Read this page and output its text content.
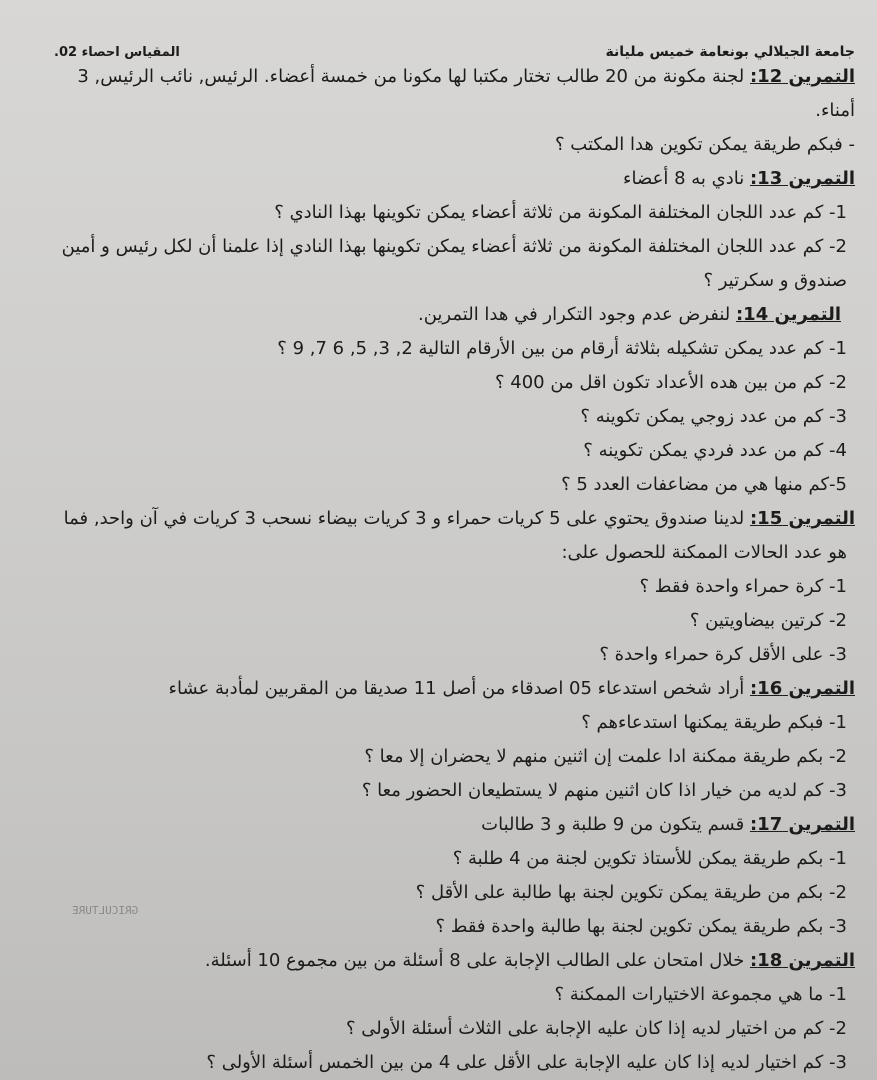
جامعة الجيلالي بونعامة خميس مليانة
المقياس احصاء 02.

التمرين 12: لجنة مكونة من 20 طالب تختار مكتبا لها مكونا من خمسة أعضاء. الرئيس, نائب الرئيس, 3

أمناء.

- فبكم طريقة يمكن تكوين هدا المكتب ؟

التمرين 13: نادي به 8 أعضاء

1- كم عدد اللجان المختلفة المكونة من ثلاثة أعضاء يمكن تكوينها بهذا النادي ؟

2- كم عدد اللجان المختلفة المكونة من ثلاثة أعضاء يمكن تكوينها بهذا النادي إذا علمنا أن لكل رئيس و أمين

صندوق و سكرتير ؟

التمرين 14: لنفرض عدم وجود التكرار في هدا التمرين.

1- كم عدد يمكن تشكيله بثلاثة أرقام من بين الأرقام التالية 2, 3, 5, 6 7, 9 ؟

2- كم من بين هده الأعداد تكون اقل من 400 ؟

3- كم من عدد زوجي يمكن تكوينه ؟

4- كم من عدد فردي يمكن تكوينه ؟

5-كم منها هي من مضاعفات العدد 5 ؟

التمرين 15: لدينا صندوق يحتوي على 5 كريات حمراء و 3 كريات بيضاء نسحب 3 كريات في آن واحد, فما

هو عدد الحالات الممكنة للحصول على:

1- كرة حمراء واحدة فقط ؟

2- كرتين بيضاويتين ؟

3- على الأقل كرة حمراء واحدة ؟

التمرين 16: أراد شخص استدعاء 05 اصدقاء من أصل 11 صديقا من المقربين لمأدبة عشاء

1- فبكم طريقة يمكنها استدعاءهم ؟

2- بكم طريقة ممكنة ادا علمت إن اثنين منهم لا يحضران إلا معا ؟

3- كم لديه من خيار اذا كان اثنين منهم لا يستطيعان الحضور معا ؟

التمرين 17: قسم يتكون من 9 طلبة و 3 طالبات

1- بكم طريقة يمكن للأستاذ تكوين لجنة من 4 طلبة ؟

2- بكم من طريقة يمكن تكوين لجنة بها طالبة على الأقل ؟

3- بكم طريقة يمكن تكوين لجنة بها طالبة واحدة فقط ؟

التمرين 18: خلال امتحان على الطالب الإجابة على 8 أسئلة من بين مجموع 10 أسئلة.

1- ما هي مجموعة الاختيارات الممكنة ؟

2- كم من اختيار لديه إذا كان عليه الإجابة على الثلاث أسئلة الأولى ؟

3- كم اختيار لديه إذا كان عليه الإجابة على الأقل على 4 من بين الخمس أسئلة الأولى ؟

GRICULTURE
